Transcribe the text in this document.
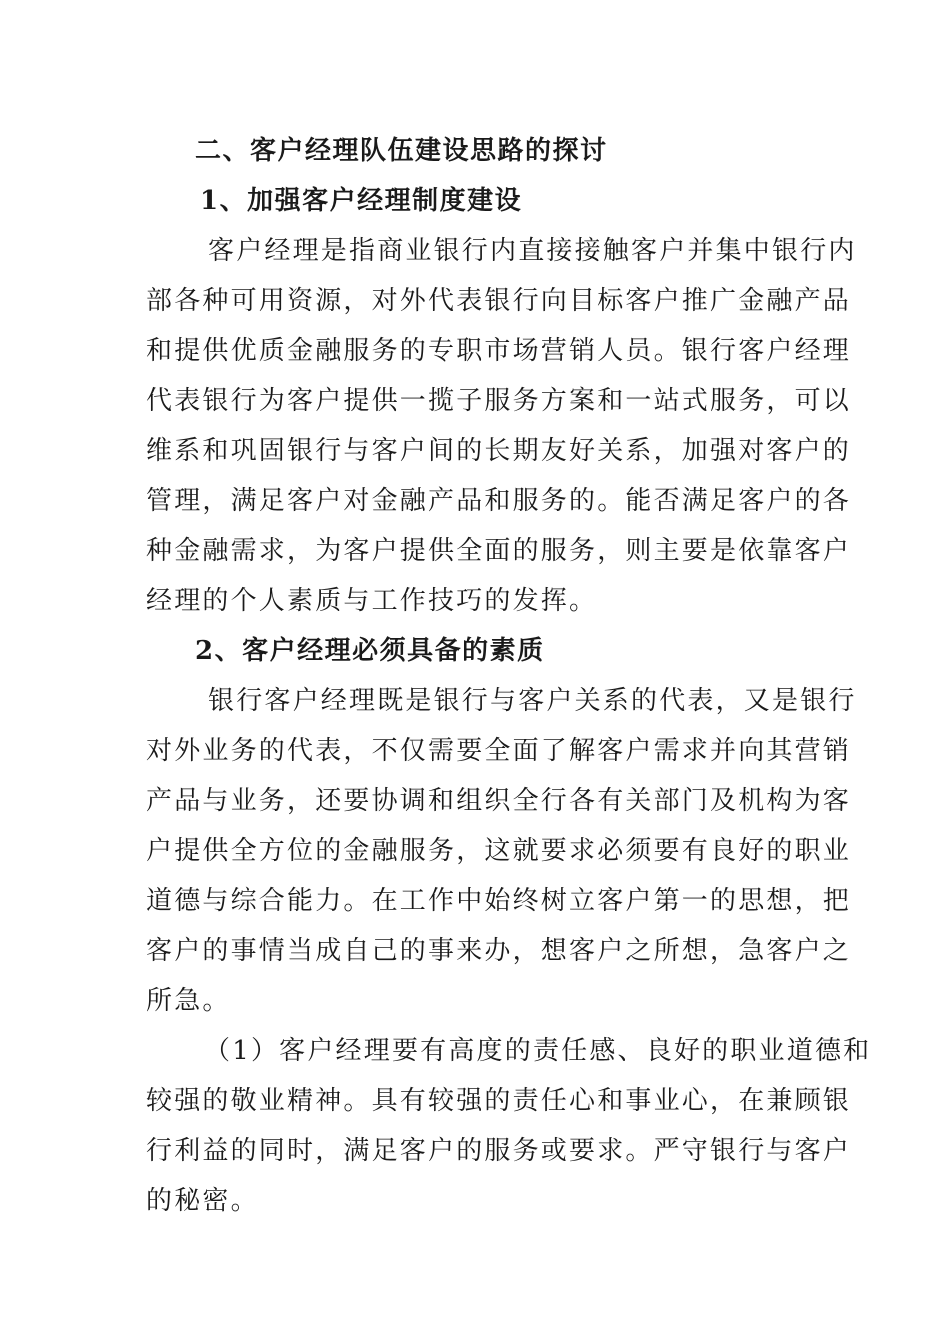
二、客户经理队伍建设思路的探讨
1、加强客户经理制度建设
客户经理是指商业银行内直接接触客户并集中银行内
部各种可用资源，对外代表银行向目标客户推广金融产品
和提供优质金融服务的专职市场营销人员。银行客户经理
代表银行为客户提供一揽子服务方案和一站式服务，可以
维系和巩固银行与客户间的长期友好关系，加强对客户的
管理，满足客户对金融产品和服务的。能否满足客户的各
种金融需求，为客户提供全面的服务，则主要是依靠客户
经理的个人素质与工作技巧的发挥。
2、客户经理必须具备的素质
银行客户经理既是银行与客户关系的代表，又是银行
对外业务的代表，不仅需要全面了解客户需求并向其营销
产品与业务，还要协调和组织全行各有关部门及机构为客
户提供全方位的金融服务，这就要求必须要有良好的职业
道德与综合能力。在工作中始终树立客户第一的思想，把
客户的事情当成自己的事来办，想客户之所想，急客户之
所急。
（1）客户经理要有高度的责任感、良好的职业道德和
较强的敬业精神。具有较强的责任心和事业心，在兼顾银
行利益的同时，满足客户的服务或要求。严守银行与客户
的秘密。
